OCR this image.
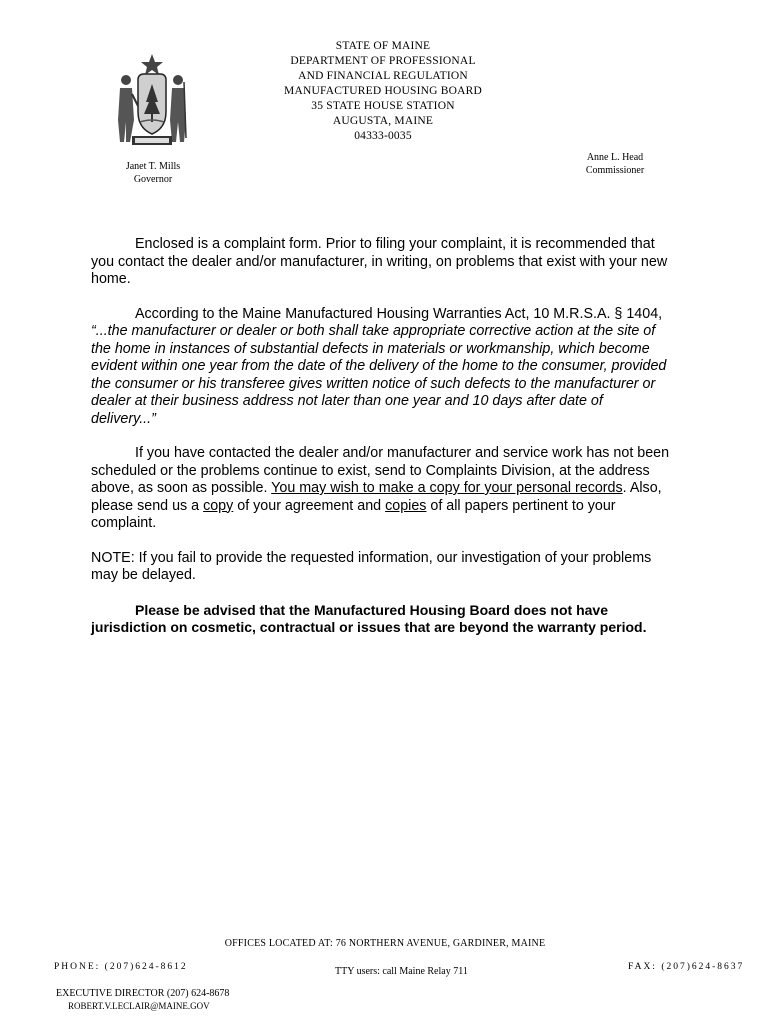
STATE OF MAINE
DEPARTMENT OF PROFESSIONAL
AND FINANCIAL REGULATION
MANUFACTURED HOUSING BOARD
35 STATE HOUSE STATION
AUGUSTA, MAINE
04333-0035
Janet T. Mills
Governor
Anne L. Head
Commissioner

Enclosed is a complaint form. Prior to filing your complaint, it is recommended that you contact the dealer and/or manufacturer, in writing, on problems that exist with your new home.

According to the Maine Manufactured Housing Warranties Act, 10 M.R.S.A. § 1404, “...the manufacturer or dealer or both shall take appropriate corrective action at the site of the home in instances of substantial defects in materials or workmanship, which become evident within one year from the date of the delivery of the home to the consumer, provided the consumer or his transferee gives written notice of such defects to the manufacturer or dealer at their business address not later than one year and 10 days after date of delivery...”

If you have contacted the dealer and/or manufacturer and service work has not been scheduled or the problems continue to exist, send to Complaints Division, at the address above, as soon as possible. You may wish to make a copy for your personal records. Also, please send us a copy of your agreement and copies of all papers pertinent to your complaint.

NOTE: If you fail to provide the requested information, our investigation of your problems may be delayed.

Please be advised that the Manufactured Housing Board does not have jurisdiction on cosmetic, contractual or issues that are beyond the warranty period.

OFFICES LOCATED AT: 76 NORTHERN AVENUE, GARDINER, MAINE
PHONE: (207)624-8612	TTY users: call Maine Relay 711	FAX: (207)624-8637
EXECUTIVE DIRECTOR (207) 624-8678
ROBERT.V.LECLAIR@MAINE.GOV
